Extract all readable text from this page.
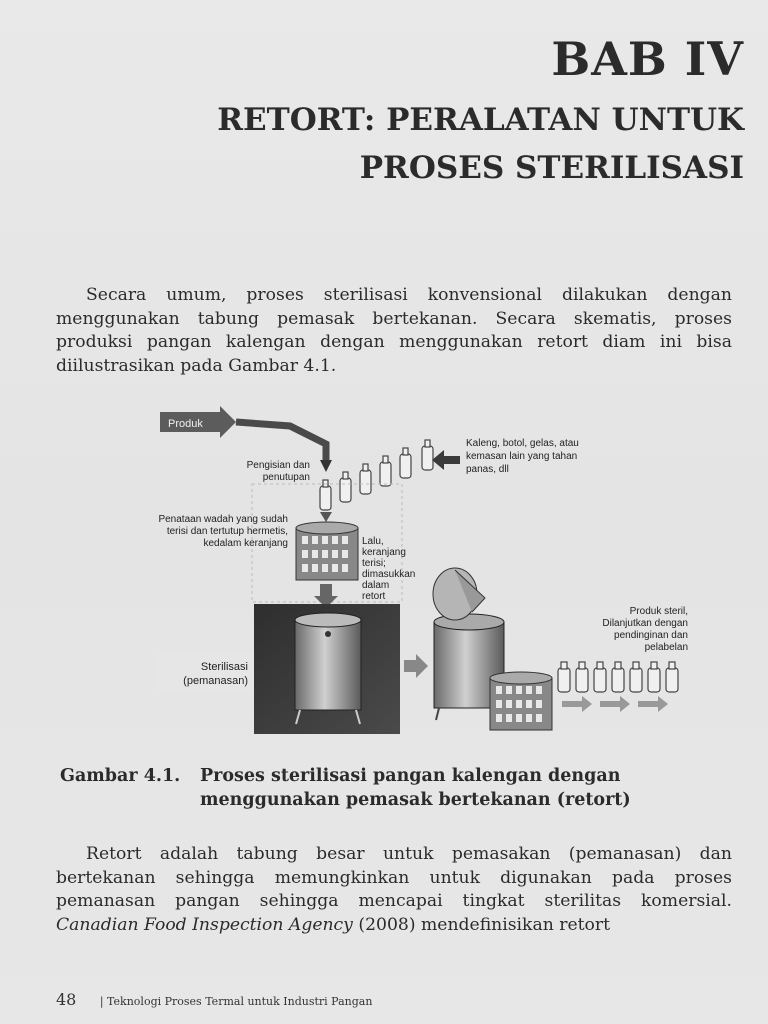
BAB IV
RETORT: PERALATAN UNTUK
PROSES STERILISASI

Secara umum, proses sterilisasi konvensional dilakukan dengan menggunakan tabung pemasak bertekanan. Secara skematis, proses produksi pangan kalengan dengan menggunakan retort diam ini bisa diilustrasikan pada Gambar 4.1.

Produk
Pengisian dan
penutupan
Kaleng, botol, gelas, atau
kemasan lain yang tahan
panas, dll
Penataan wadah yang sudah
terisi dan tertutup hermetis,
kedalam keranjang	Lalu,
keranjang
terisi;
dimasukkan
dalam
retort
Sterilisasi
(pemanasan)
Produk steril,
Dilanjutkan dengan
pendinginan dan
pelabelan
Gambar 4.1. Proses sterilisasi pangan kalengan dengan
menggunakan pemasak bertekanan (retort)

Retort adalah tabung besar untuk pemasakan (pemanasan) dan bertekanan sehingga memungkinkan untuk digunakan pada proses pemanasan pangan sehingga mencapai tingkat sterilitas komersial. Canadian Food Inspection Agency (2008) mendefinisikan retort

48 | Teknologi Proses Termal untuk Industri Pangan
